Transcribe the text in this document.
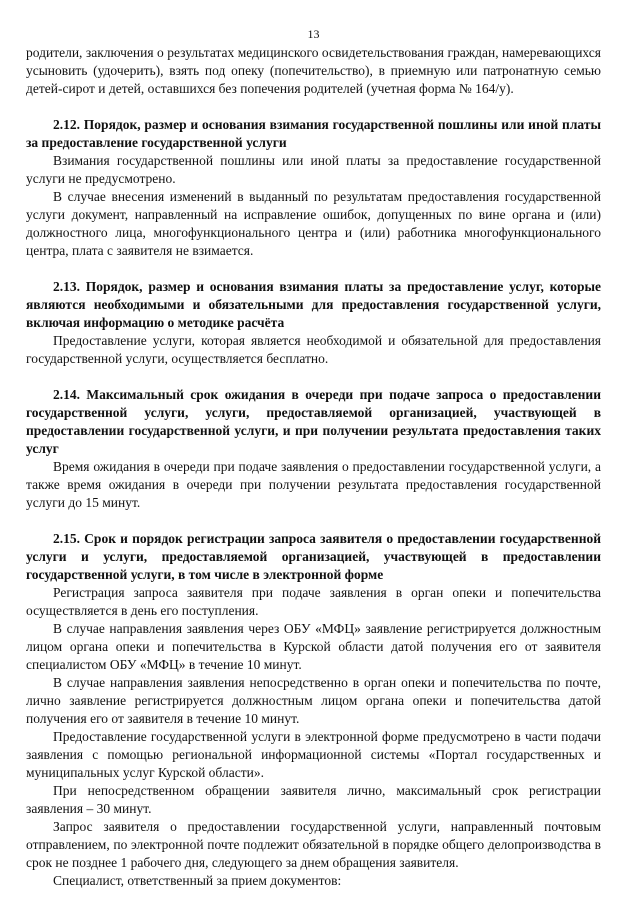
13

родители, заключения о результатах медицинского освидетельствования граждан, намеревающихся усыновить (удочерить), взять под опеку (попечительство), в приемную или патронатную семью детей-сирот и детей, оставшихся без попечения родителей (учетная форма № 164/у).

2.12. Порядок, размер и основания взимания государственной пошлины или иной платы за предоставление государственной услуги

Взимания государственной пошлины или иной платы за предоставление государственной услуги не предусмотрено.

В случае внесения изменений в выданный по результатам предоставления государственной услуги документ, направленный на исправление ошибок, допущенных по вине органа и (или) должностного лица, многофункционального центра и (или) работника многофункционального центра, плата с заявителя не взимается.

2.13. Порядок, размер и основания взимания платы за предоставление услуг, которые являются необходимыми и обязательными для предоставления государственной услуги, включая информацию о методике расчёта

Предоставление услуги, которая является необходимой и обязательной для предоставления государственной услуги, осуществляется бесплатно.

2.14. Максимальный срок ожидания в очереди при подаче запроса о предоставлении государственной услуги, услуги, предоставляемой организацией, участвующей в предоставлении государственной услуги, и при получении результата предоставления таких услуг

Время ожидания в очереди при подаче заявления о предоставлении государственной услуги, а также время ожидания в очереди при получении результата предоставления государственной услуги до 15 минут.

2.15. Срок и порядок регистрации запроса заявителя о предоставлении государственной услуги и услуги, предоставляемой организацией, участвующей в предоставлении государственной услуги, в том числе в электронной форме

Регистрация запроса заявителя при подаче заявления в орган опеки и попечительства осуществляется в день его поступления.

В случае направления заявления через ОБУ «МФЦ» заявление регистрируется должностным лицом органа опеки и попечительства в Курской области датой получения его от заявителя специалистом ОБУ «МФЦ» в течение 10 минут.

В случае направления заявления непосредственно в орган опеки и попечительства по почте, лично заявление регистрируется должностным лицом органа опеки и попечительства датой получения его от заявителя в течение 10 минут.

Предоставление государственной услуги в электронной форме предусмотрено в части подачи заявления с помощью региональной информационной системы «Портал государственных и муниципальных услуг Курской области».

При непосредственном обращении заявителя лично, максимальный срок регистрации заявления – 30 минут.

Запрос заявителя о предоставлении государственной услуги, направленный почтовым отправлением, по электронной почте подлежит обязательной в порядке общего делопроизводства в срок не позднее 1 рабочего дня, следующего за днем обращения заявителя.

Специалист, ответственный за прием документов:
